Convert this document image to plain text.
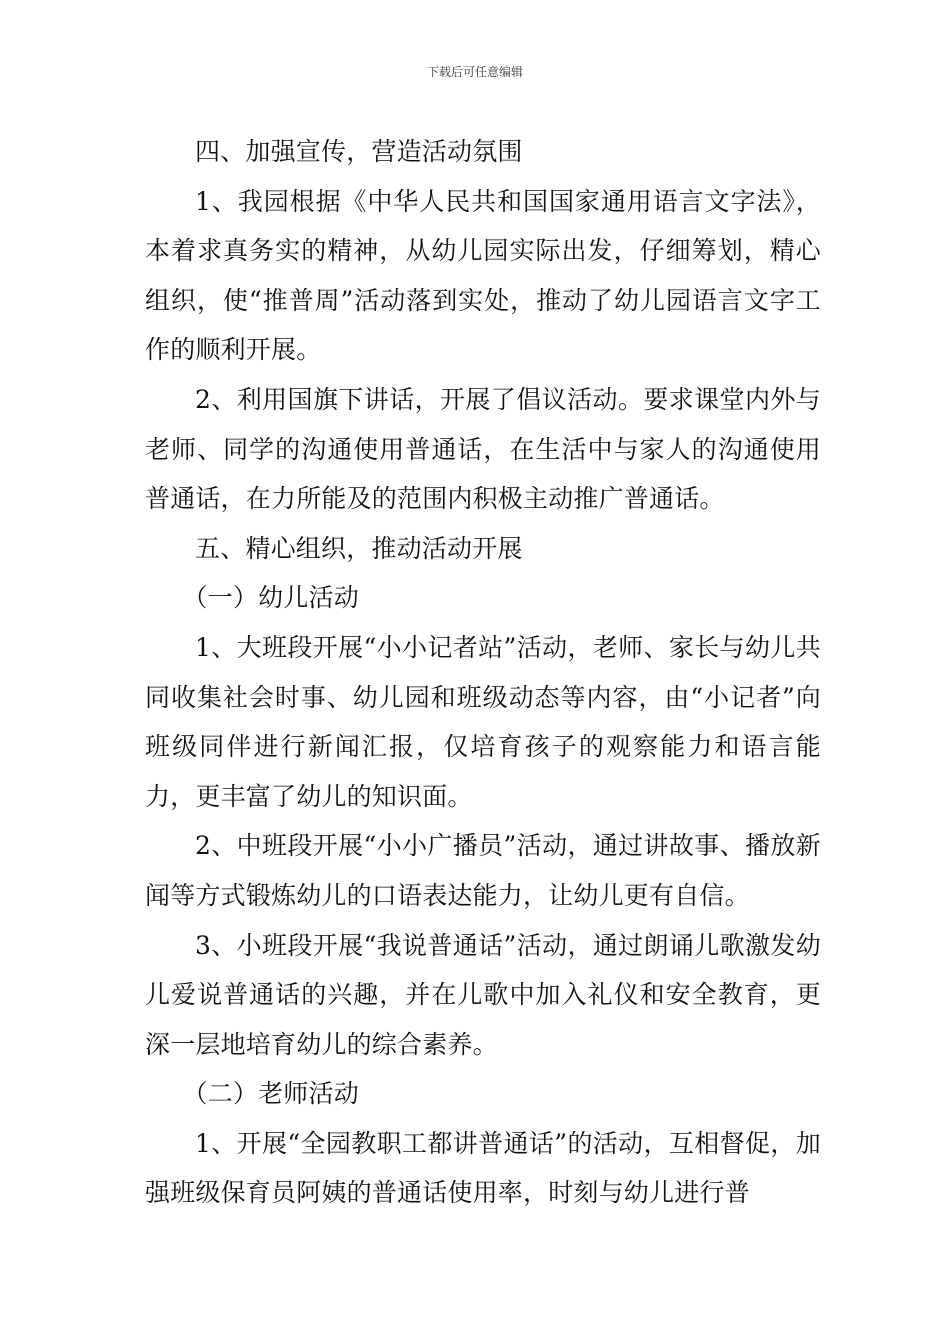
下载后可任意编辑

四、加强宣传，营造活动氛围

1、我园根据《中华人民共和国国家通用语言文字法》，本着求真务实的精神，从幼儿园实际出发，仔细筹划，精心组织，使“推普周”活动落到实处，推动了幼儿园语言文字工作的顺利开展。

2、利用国旗下讲话，开展了倡议活动。要求课堂内外与老师、同学的沟通使用普通话，在生活中与家人的沟通使用普通话，在力所能及的范围内积极主动推广普通话。

五、精心组织，推动活动开展

（一）幼儿活动

1、大班段开展“小小记者站”活动，老师、家长与幼儿共同收集社会时事、幼儿园和班级动态等内容，由“小记者”向班级同伴进行新闻汇报，仅培育孩子的观察能力和语言能力，更丰富了幼儿的知识面。

2、中班段开展“小小广播员”活动，通过讲故事、播放新闻等方式锻炼幼儿的口语表达能力，让幼儿更有自信。

3、小班段开展“我说普通话”活动，通过朗诵儿歌激发幼儿爱说普通话的兴趣，并在儿歌中加入礼仪和安全教育，更深一层地培育幼儿的综合素养。

（二）老师活动

1、开展“全园教职工都讲普通话”的活动，互相督促，加强班级保育员阿姨的普通话使用率，时刻与幼儿进行普
